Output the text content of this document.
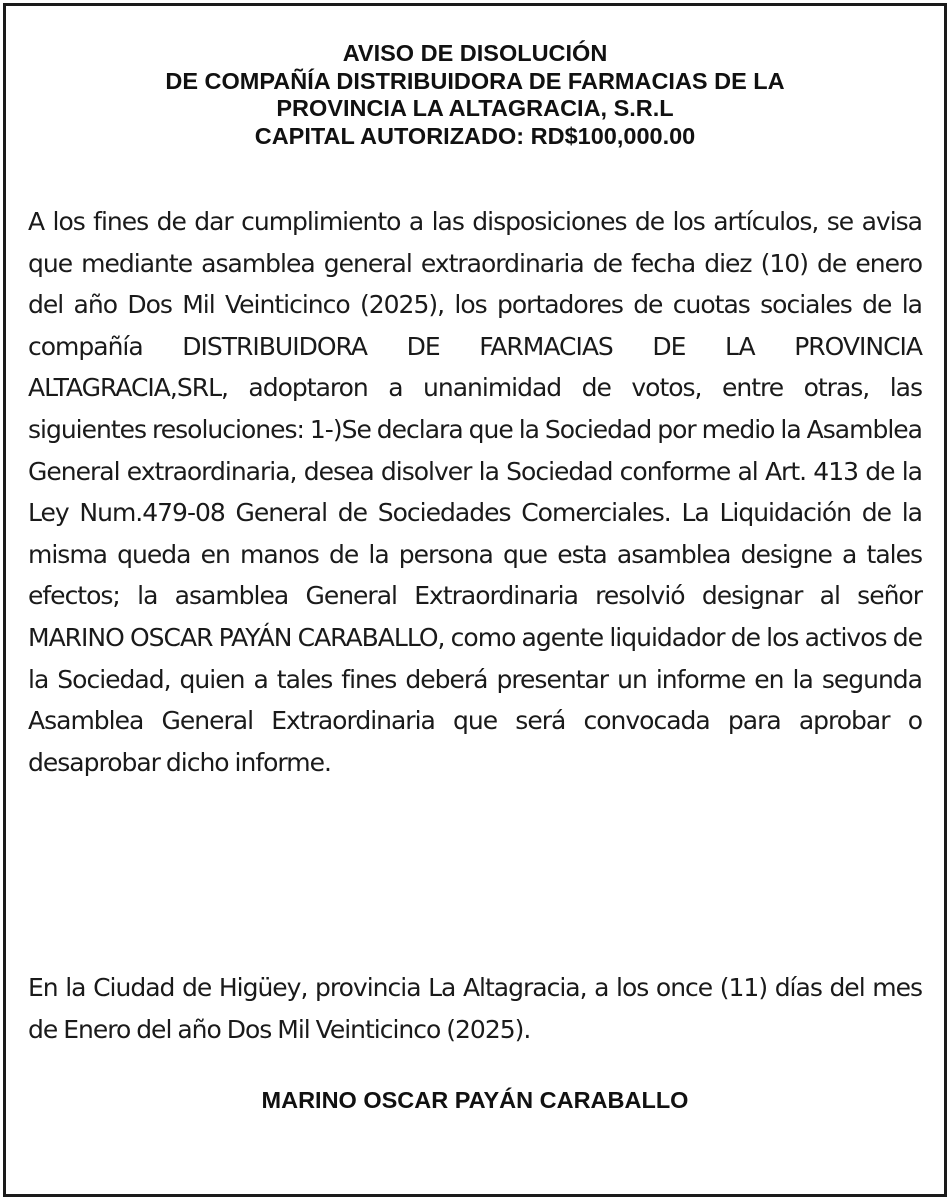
AVISO DE DISOLUCIÓN
DE COMPAÑÍA DISTRIBUIDORA DE FARMACIAS DE LA
PROVINCIA LA ALTAGRACIA, S.R.L
CAPITAL AUTORIZADO: RD$100,000.00

A los fines de dar cumplimiento a las disposiciones de los artículos, se avisa que mediante asamblea general extraordinaria de fecha diez (10) de enero del año Dos Mil Veinticinco (2025), los portadores de cuotas sociales de la compañía DISTRIBUIDORA DE FARMACIAS DE LA PROVINCIA ALTAGRACIA,SRL, adoptaron a unanimidad de votos, entre otras, las siguientes resoluciones: 1-)Se declara que la Sociedad por medio la Asamblea General extraordinaria, desea disolver la Sociedad conforme al Art. 413 de la Ley Num.479-08 General de Sociedades Comerciales. La Liquidación de la misma queda en manos de la persona que esta asamblea designe a tales efectos; la asamblea General Extraordinaria resolvió designar al señor MARINO OSCAR PAYÁN CARABALLO, como agente liquidador de los activos de la Sociedad, quien a tales fines deberá presentar un informe en la segunda Asamblea General Extraordinaria que será convocada para aprobar o desaprobar dicho informe.

En la Ciudad de Higüey, provincia La Altagracia, a los once (11) días del mes de Enero del año Dos Mil Veinticinco (2025).

MARINO OSCAR PAYÁN CARABALLO
